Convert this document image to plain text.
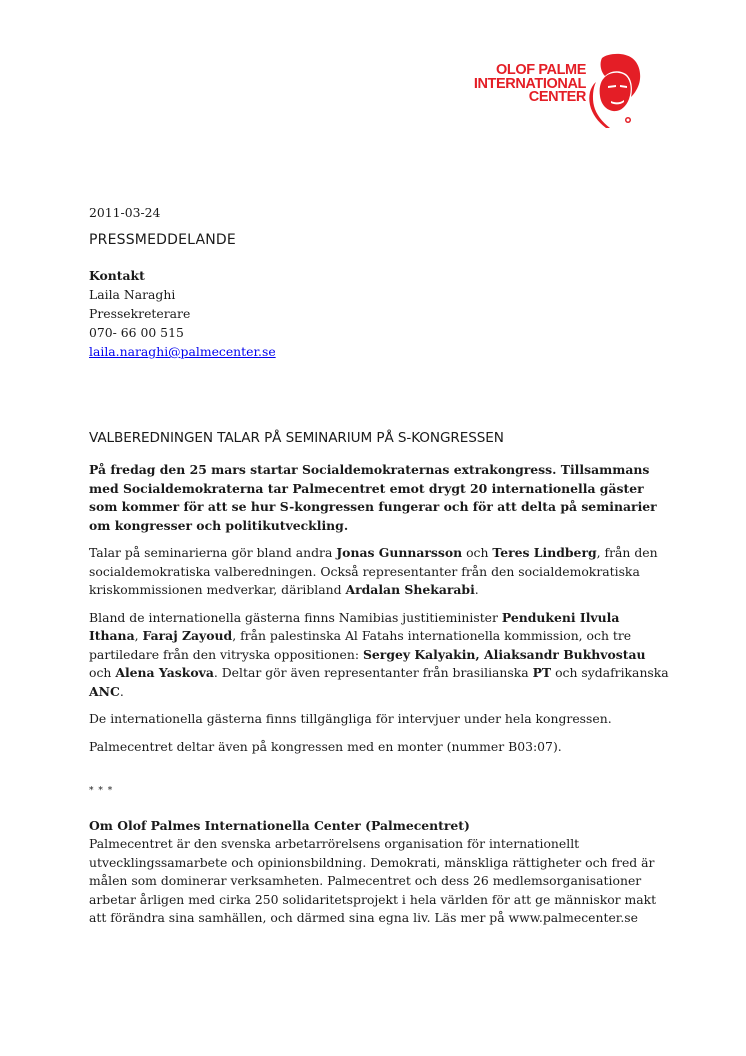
OLOF PALME
INTERNATIONAL
CENTER
2011-03-24
PRESSMEDDELANDE
Kontakt
Laila Naraghi
Pressekreterare
070- 66 00 515
laila.naraghi@palmecenter.se
VALBEREDNINGEN TALAR PÅ SEMINARIUM PÅ S-KONGRESSEN

På fredag den 25 mars startar Socialdemokraternas extrakongress. Tillsammans med Socialdemokraterna tar Palmecentret emot drygt 20 internationella gäster som kommer för att se hur S-kongressen fungerar och för att delta på seminarier om kongresser och politikutveckling.

Talar på seminarierna gör bland andra Jonas Gunnarsson och Teres Lindberg, från den socialdemokratiska valberedningen. Också representanter från den socialdemokratiska kriskommissionen medverkar, däribland Ardalan Shekarabi.

Bland de internationella gästerna finns Namibias justitieminister Pendukeni Ilvula Ithana, Faraj Zayoud, från palestinska Al Fatahs internationella kommission, och tre partiledare från den vitryska oppositionen: Sergey Kalyakin, Aliaksandr Bukhvostau och Alena Yaskova. Deltar gör även representanter från brasilianska PT och sydafrikanska ANC.

De internationella gästerna finns tillgängliga för intervjuer under hela kongressen.

Palmecentret deltar även på kongressen med en monter (nummer B03:07).

* * *

Om Olof Palmes Internationella Center (Palmecentret)
Palmecentret är den svenska arbetarrörelsens organisation för internationellt utvecklingssamarbete och opinionsbildning. Demokrati, mänskliga rättigheter och fred är målen som dominerar verksamheten. Palmecentret och dess 26 medlemsorganisationer arbetar årligen med cirka 250 solidaritetsprojekt i hela världen för att ge människor makt att förändra sina samhällen, och därmed sina egna liv. Läs mer på www.palmecenter.se
